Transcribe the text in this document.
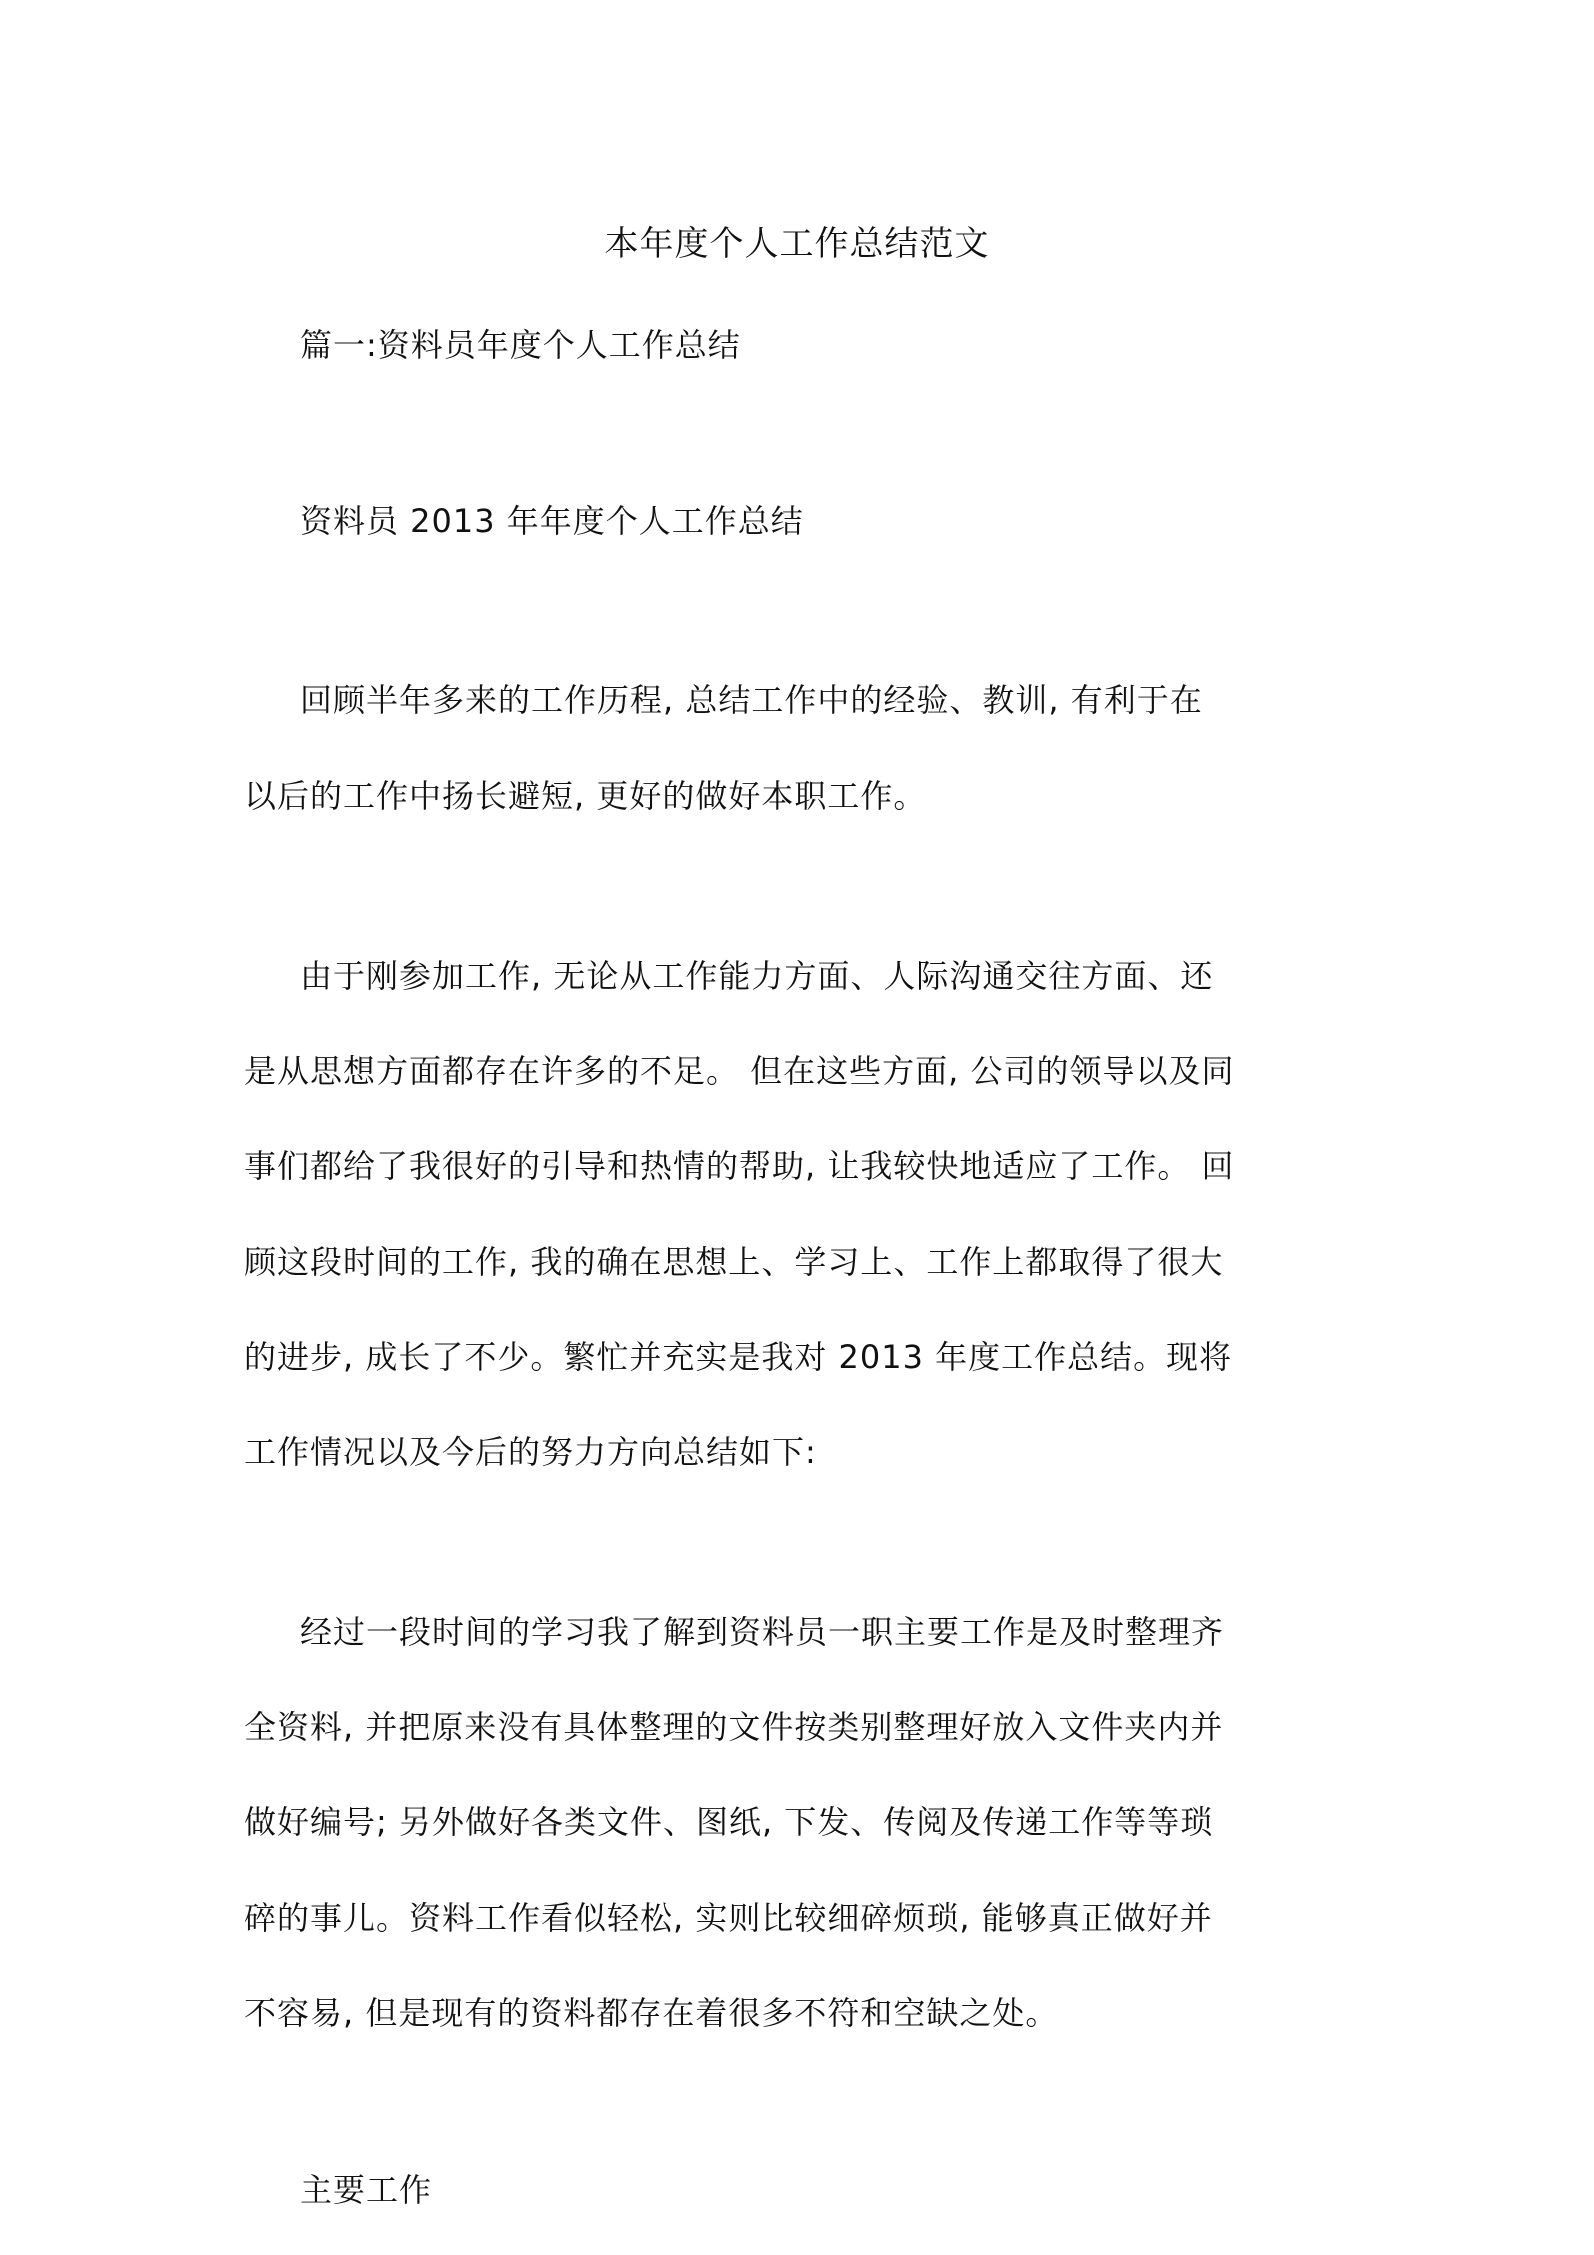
本年度个人工作总结范文
篇一:资料员年度个人工作总结
资料员 2013 年年度个人工作总结
回顾半年多来的工作历程, 总结工作中的经验、教训, 有利于在
以后的工作中扬长避短, 更好的做好本职工作。
由于刚参加工作, 无论从工作能力方面、人际沟通交往方面、还
是从思想方面都存在许多的不足。 但在这些方面, 公司的领导以及同
事们都给了我很好的引导和热情的帮助, 让我较快地适应了工作。 回
顾这段时间的工作, 我的确在思想上、学习上、工作上都取得了很大
的进步, 成长了不少。繁忙并充实是我对 2013 年度工作总结。现将
工作情况以及今后的努力方向总结如下:
经过一段时间的学习我了解到资料员一职主要工作是及时整理齐
全资料, 并把原来没有具体整理的文件按类别整理好放入文件夹内并
做好编号; 另外做好各类文件、图纸, 下发、传阅及传递工作等等琐
碎的事儿。资料工作看似轻松, 实则比较细碎烦琐, 能够真正做好并
不容易, 但是现有的资料都存在着很多不符和空缺之处。
主要工作
